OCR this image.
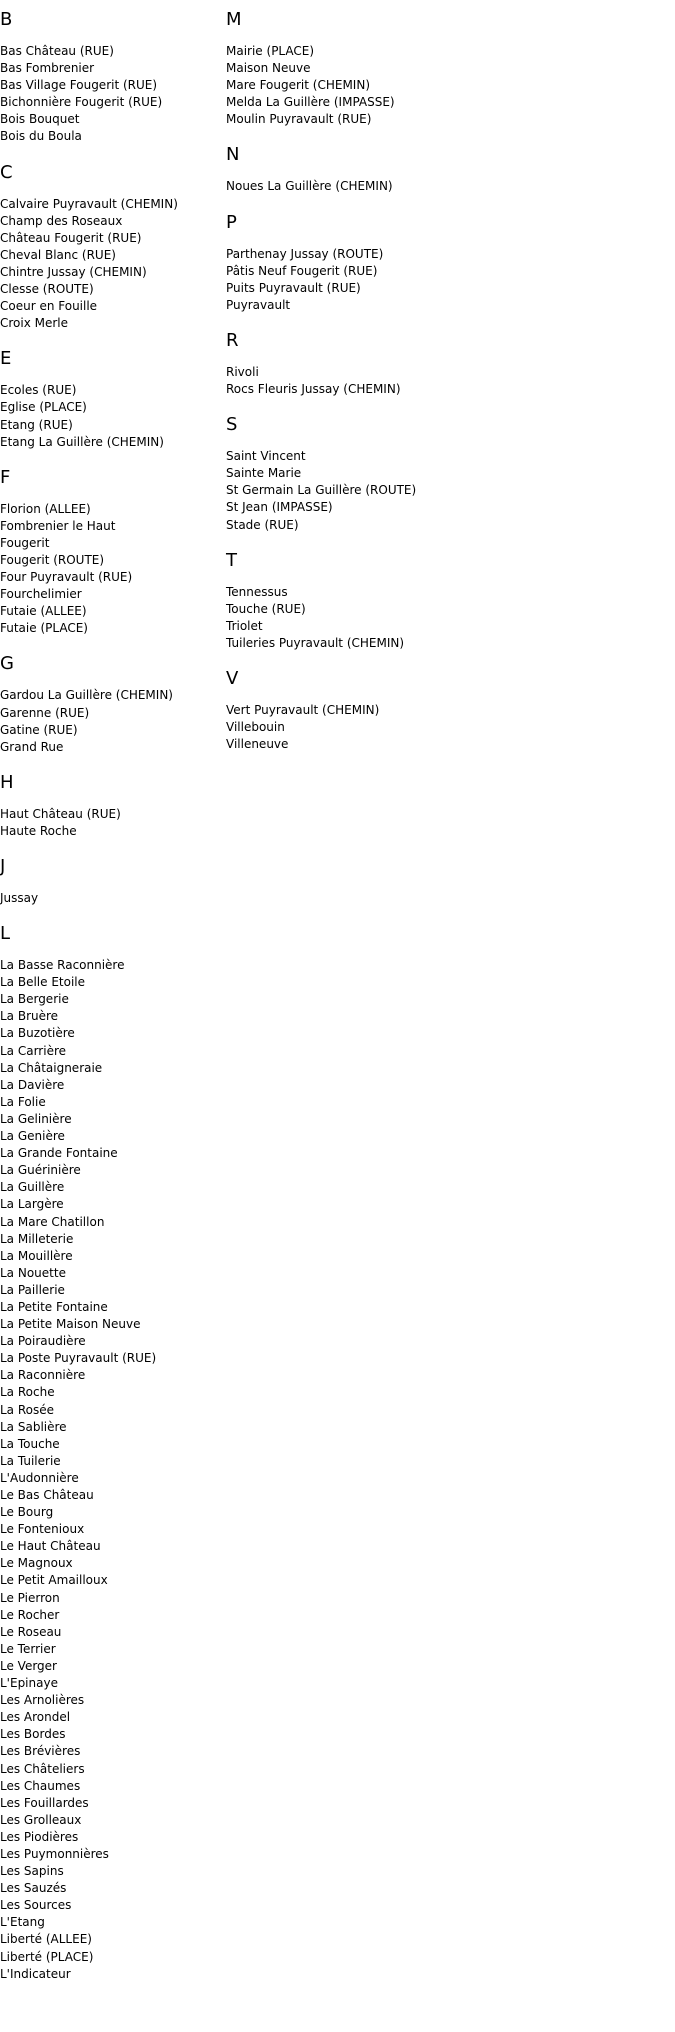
B
Bas Château (RUE)
Bas Fombrenier
Bas Village Fougerit (RUE)
Bichonnière Fougerit (RUE)
Bois Bouquet
Bois du Boula
C
Calvaire Puyravault (CHEMIN)
Champ des Roseaux
Château Fougerit (RUE)
Cheval Blanc (RUE)
Chintre Jussay (CHEMIN)
Clesse (ROUTE)
Coeur en Fouille
Croix Merle
E
Ecoles (RUE)
Eglise (PLACE)
Etang (RUE)
Etang La Guillère (CHEMIN)
F
Florion (ALLEE)
Fombrenier le Haut
Fougerit
Fougerit (ROUTE)
Four Puyravault (RUE)
Fourchelimier
Futaie (ALLEE)
Futaie (PLACE)
G
Gardou La Guillère (CHEMIN)
Garenne (RUE)
Gatine (RUE)
Grand Rue
H
Haut Château (RUE)
Haute Roche
J
Jussay
L
La Basse Raconnière
La Belle Etoile
La Bergerie
La Bruère
La Buzotière
La Carrière
La Châtaigneraie
La Davière
La Folie
La Gelinière
La Genière
La Grande Fontaine
La Guérinière
La Guillère
La Largère
La Mare Chatillon
La Milleterie
La Mouillère
La Nouette
La Paillerie
La Petite Fontaine
La Petite Maison Neuve
La Poiraudière
La Poste Puyravault (RUE)
La Raconnière
La Roche
La Rosée
La Sablière
La Touche
La Tuilerie
L'Audonnière
Le Bas Château
Le Bourg
Le Fontenioux
Le Haut Château
Le Magnoux
Le Petit Amailloux
Le Pierron
Le Rocher
Le Roseau
Le Terrier
Le Verger
L'Epinaye
Les Arnolières
Les Arondel
Les Bordes
Les Brévières
Les Châteliers
Les Chaumes
Les Fouillardes
Les Grolleaux
Les Piodières
Les Puymonnières
Les Sapins
Les Sauzés
Les Sources
L'Etang
Liberté (ALLEE)
Liberté (PLACE)
L'Indicateur
M
Mairie (PLACE)
Maison Neuve
Mare Fougerit (CHEMIN)
Melda La Guillère (IMPASSE)
Moulin Puyravault (RUE)
N
Noues La Guillère (CHEMIN)
P
Parthenay Jussay (ROUTE)
Pâtis Neuf Fougerit (RUE)
Puits Puyravault (RUE)
Puyravault
R
Rivoli
Rocs Fleuris Jussay (CHEMIN)
S
Saint Vincent
Sainte Marie
St Germain La Guillère (ROUTE)
St Jean (IMPASSE)
Stade (RUE)
T
Tennessus
Touche (RUE)
Triolet
Tuileries Puyravault (CHEMIN)
V
Vert Puyravault (CHEMIN)
Villebouin
Villeneuve
